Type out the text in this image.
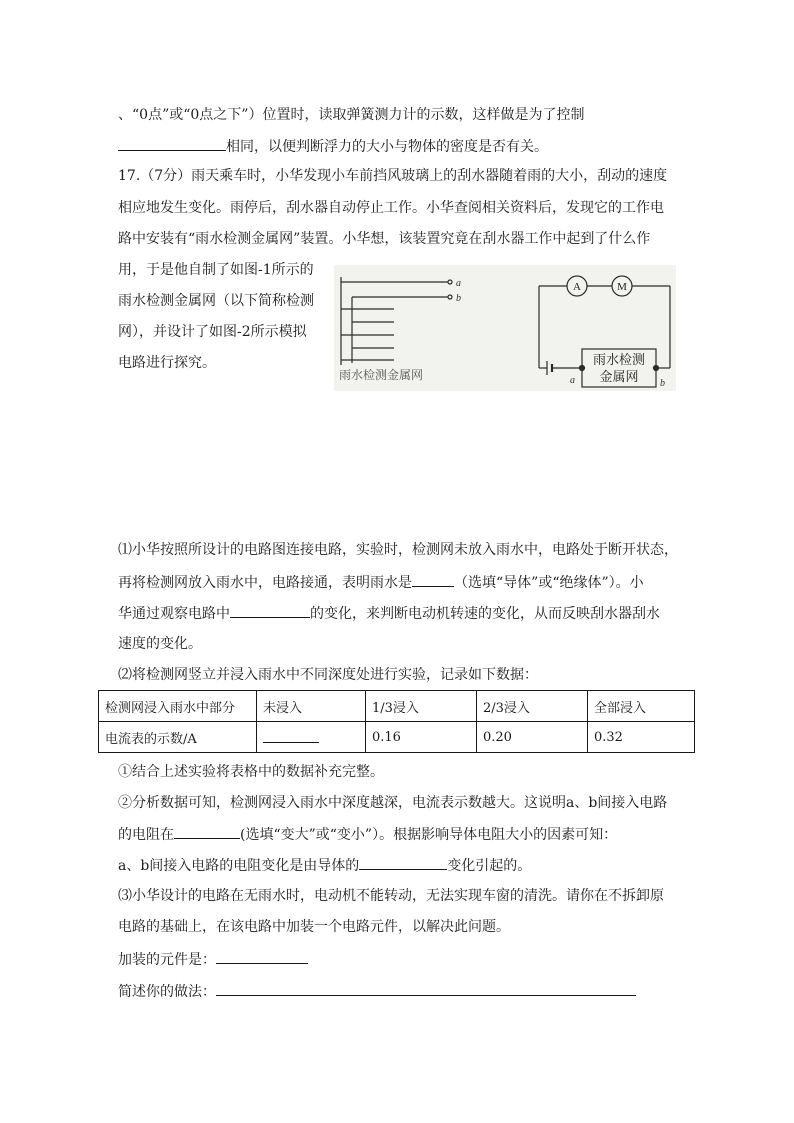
、“0点”或“0点之下”）位置时，读取弹簧测力计的示数，这样做是为了控制
相同，以便判断浮力的大小与物体的密度是否有关。
17.（7分）雨天乘车时，小华发现小车前挡风玻璃上的刮水器随着雨的大小，刮动的速度
相应地发生变化。雨停后，刮水器自动停止工作。小华查阅相关资料后，发现它的工作电
路中安装有“雨水检测金属网”装置。小华想，该装置究竟在刮水器工作中起到了什么作
用，于是他自制了如图-1所示的
雨水检测金属网（以下简称检测
网），并设计了如图-2所示模拟
电路进行探究。
a
b
雨水检测金属网
A	M
雨水检测
金属网
a	b
⑴小华按照所设计的电路图连接电路，实验时，检测网未放入雨水中，电路处于断开状态，
再将检测网放入雨水中，电路接通，表明雨水是	（选填“导体”或“绝缘体”）。小
华通过观察电路中	的变化，来判断电动机转速的变化，从而反映刮水器刮水
速度的变化。
⑵将检测网竖立并浸入雨水中不同深度处进行实验，记录如下数据：
检测网浸入雨水中部分	未浸入	1/3浸入	2/3浸入	全部浸入
电流表的示数/A		0.16	0.20	0.32
①结合上述实验将表格中的数据补充完整。
②分析数据可知，检测网浸入雨水中深度越深，电流表示数越大。这说明a、b间接入电路
的电阻在	(选填“变大”或“变小”）。根据影响导体电阻大小的因素可知：
a、b间接入电路的电阻变化是由导体的	变化引起的。
⑶小华设计的电路在无雨水时，电动机不能转动，无法实现车窗的清洗。请你在不拆卸原
电路的基础上，在该电路中加装一个电路元件，以解决此问题。
加装的元件是：
简述你的做法：
